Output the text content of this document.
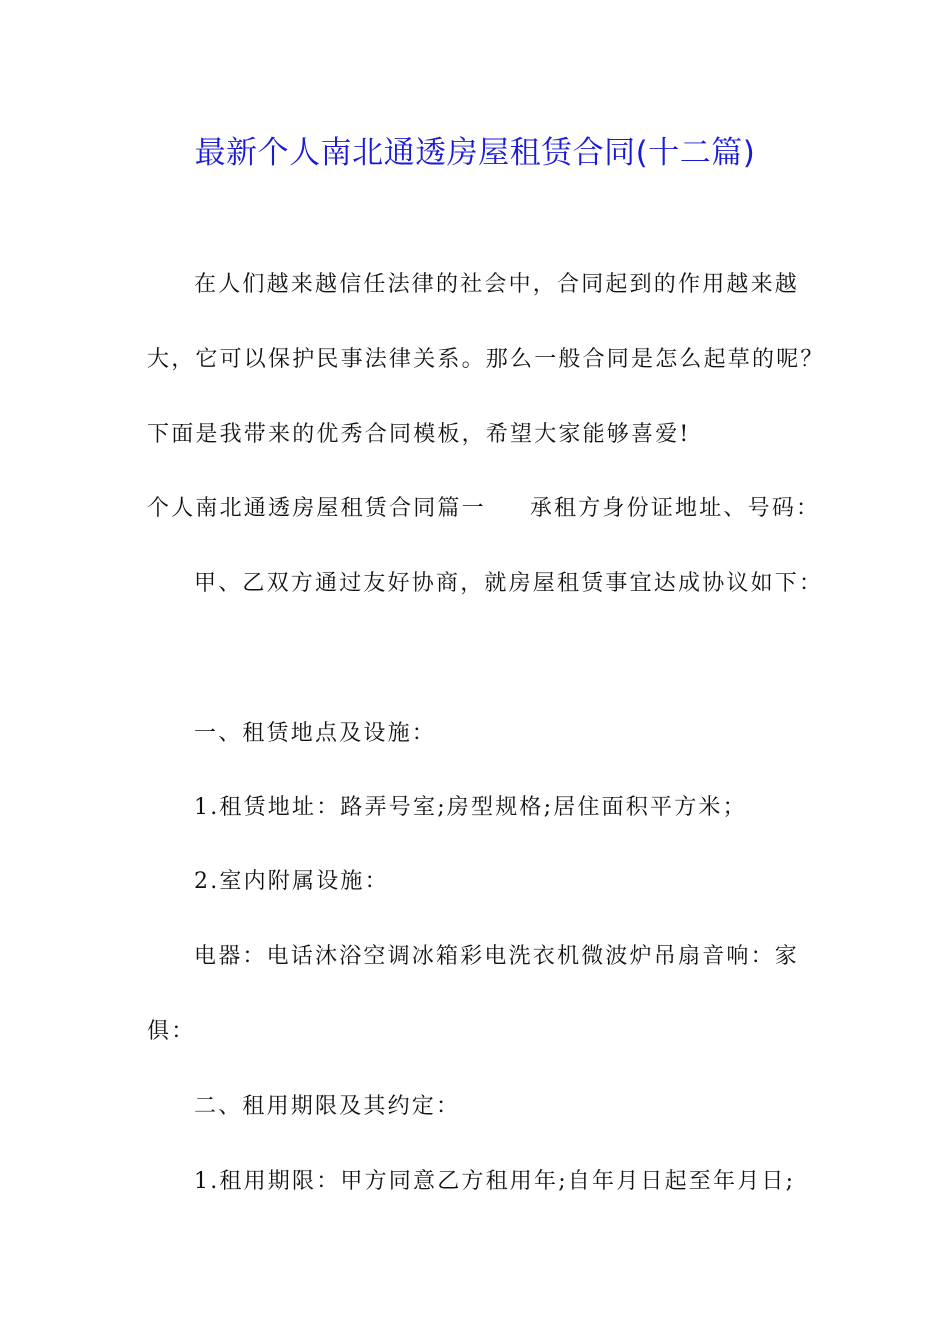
最新个人南北通透房屋租赁合同(十二篇)
在人们越来越信任法律的社会中，合同起到的作用越来越
大，它可以保护民事法律关系。那么一般合同是怎么起草的呢？
下面是我带来的优秀合同模板，希望大家能够喜爱!
个人南北通透房屋租赁合同篇一 承租方身份证地址、号码：
甲、乙双方通过友好协商，就房屋租赁事宜达成协议如下：
一、租赁地点及设施：
1.租赁地址：路弄号室;房型规格;居住面积平方米；
2.室内附属设施：
电器：电话沐浴空调冰箱彩电洗衣机微波炉吊扇音响：家
俱：
二、租用期限及其约定：
1.租用期限：甲方同意乙方租用年;自年月日起至年月日;
